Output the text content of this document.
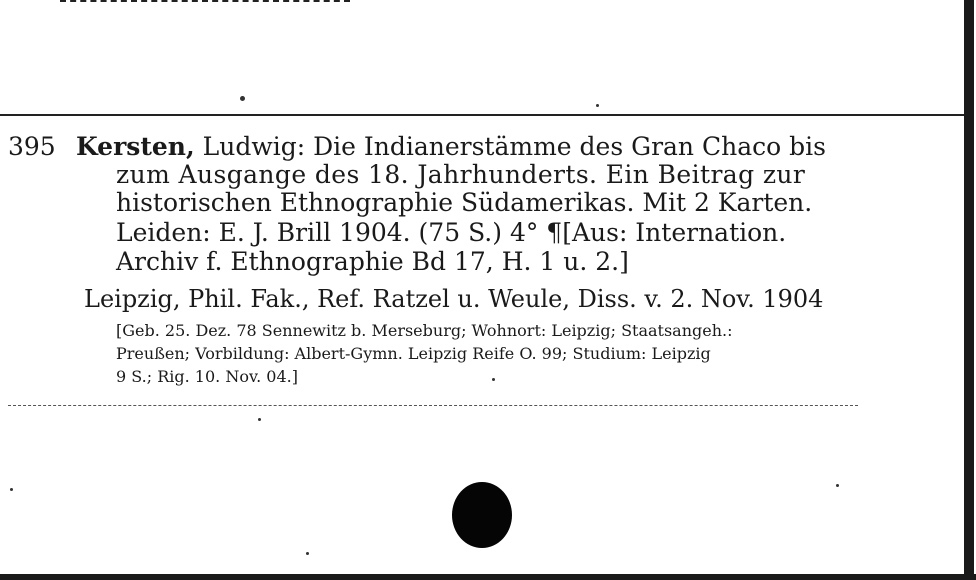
395 Kersten, Ludwig: Die Indianerstämme des Gran Chaco bis
zum Ausgange des 18. Jahrhunderts. Ein Beitrag zur
historischen Ethnographie Südamerikas. Mit 2 Karten.
Leiden: E. J. Brill 1904. (75 S.) 4° ¶[Aus: Internation.
Archiv f. Ethnographie Bd 17, H. 1 u. 2.]
Leipzig, Phil. Fak., Ref. Ratzel u. Weule, Diss. v. 2. Nov. 1904
[Geb. 25. Dez. 78 Sennewitz b. Merseburg; Wohnort: Leipzig; Staatsangeh.:
Preußen; Vorbildung: Albert-Gymn. Leipzig Reife O. 99; Studium: Leipzig
9 S.; Rig. 10. Nov. 04.]
